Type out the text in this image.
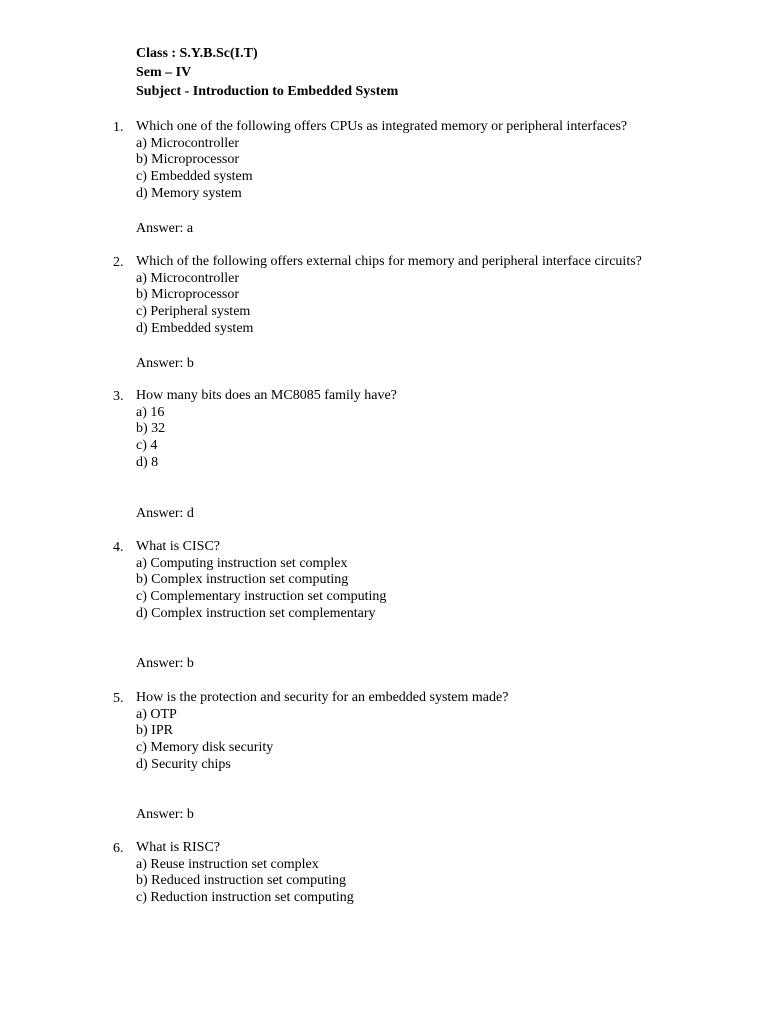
Class : S.Y.B.Sc(I.T)
Sem – IV
Subject - Introduction to Embedded System
1. Which one of the following offers CPUs as integrated memory or peripheral interfaces?
a) Microcontroller
b) Microprocessor
c) Embedded system
d) Memory system
Answer: a
2. Which of the following offers external chips for memory and peripheral interface circuits?
a) Microcontroller
b) Microprocessor
c) Peripheral system
d) Embedded system
Answer: b
3. How many bits does an MC8085 family have?
a) 16
b) 32
c) 4
d) 8
Answer: d
4. What is CISC?
a) Computing instruction set complex
b) Complex instruction set computing
c) Complementary instruction set computing
d) Complex instruction set complementary
Answer: b
5. How is the protection and security for an embedded system made?
a) OTP
b) IPR
c) Memory disk security
d) Security chips
Answer: b
6. What is RISC?
a) Reuse instruction set complex
b) Reduced instruction set computing
c) Reduction instruction set computing
